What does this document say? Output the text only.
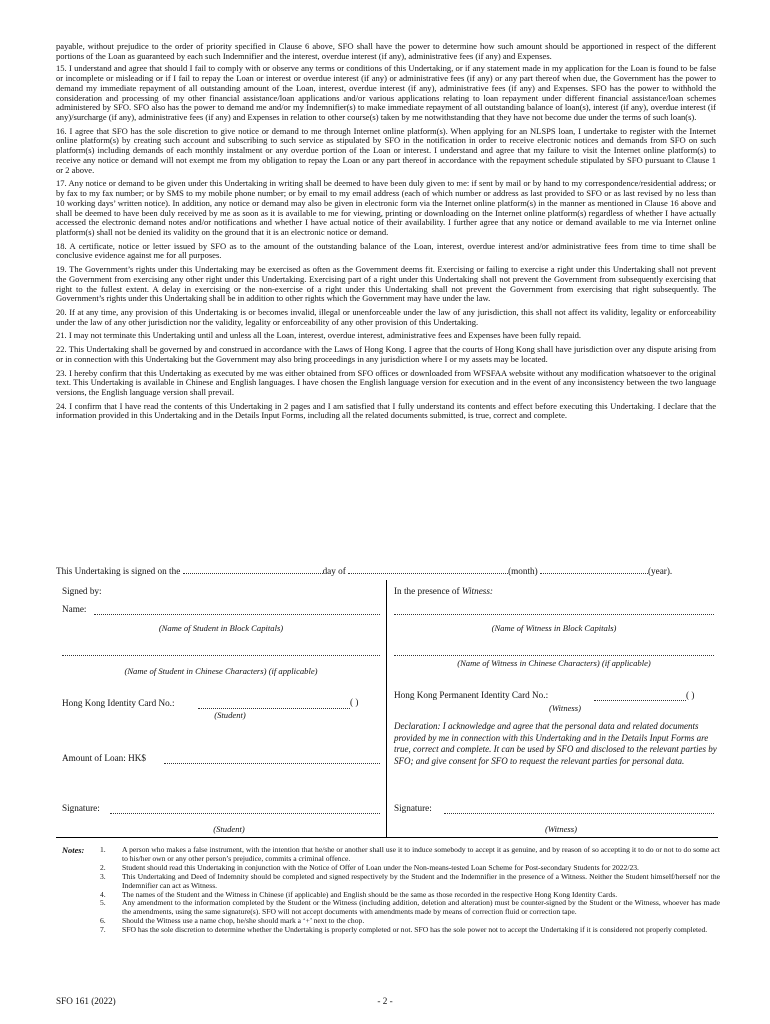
payable, without prejudice to the order of priority specified in Clause 6 above, SFO shall have the power to determine how such amount should be apportioned in respect of the different portions of the Loan as guaranteed by each such Indemnifier and the interest, overdue interest (if any), administrative fees (if any) and Expenses.

15. I understand and agree that should I fail to comply with or observe any terms or conditions of this Undertaking, or if any statement made in my application for the Loan is found to be false or incomplete or misleading or if I fail to repay the Loan or interest or overdue interest (if any) or administrative fees (if any) or any part thereof when due, the Government has the power to demand my immediate repayment of all outstanding amount of the Loan, interest, overdue interest (if any), administrative fees (if any) and Expenses. SFO has the power to withhold the consideration and processing of my other financial assistance/loan applications and/or various applications relating to loan repayment under different financial assistance/loan schemes administered by SFO. SFO also has the power to demand me and/or my Indemnifier(s) to make immediate repayment of all outstanding balance of loan(s), interest (if any), overdue interest (if any)/surcharge (if any), administrative fees (if any) and Expenses in relation to other course(s) taken by me notwithstanding that they have not become due under the terms of such loan(s).

16. I agree that SFO has the sole discretion to give notice or demand to me through Internet online platform(s). When applying for an NLSPS loan, I undertake to register with the Internet online platform(s) by creating such account and subscribing to such service as stipulated by SFO in the notification in order to receive electronic notices and demands from SFO on such platform(s) including demands of each monthly instalment or any overdue portion of the Loan or interest. I understand and agree that my failure to visit the Internet online platform(s) to receive any notice or demand will not exempt me from my obligation to repay the Loan or any part thereof in accordance with the repayment schedule stipulated by SFO pursuant to Clause 1 or 2 above.

17. Any notice or demand to be given under this Undertaking in writing shall be deemed to have been duly given to me: if sent by mail or by hand to my correspondence/residential address; or by fax to my fax number; or by SMS to my mobile phone number; or by email to my email address (each of which number or address as last provided to SFO or as last revised by no less than 10 working days’ written notice). In addition, any notice or demand may also be given in electronic form via the Internet online platform(s) in the manner as mentioned in Clause 16 above and shall be deemed to have been duly received by me as soon as it is available to me for viewing, printing or downloading on the Internet online platform(s) regardless of whether I have actually accessed the electronic demand notes and/or notifications and whether I have actual notice of their availability. I further agree that any notice or demand available to me via Internet online platform(s) shall not be denied its validity on the ground that it is an electronic notice or demand.

18. A certificate, notice or letter issued by SFO as to the amount of the outstanding balance of the Loan, interest, overdue interest and/or administrative fees from time to time shall be conclusive evidence against me for all purposes.

19. The Government’s rights under this Undertaking may be exercised as often as the Government deems fit. Exercising or failing to exercise a right under this Undertaking shall not prevent the Government from exercising any other right under this Undertaking. Exercising part of a right under this Undertaking shall not prevent the Government from subsequently exercising that right to the fullest extent. A delay in exercising or the non-exercise of a right under this Undertaking shall not prevent the Government from exercising that right subsequently. The Government’s rights under this Undertaking shall be in addition to other rights which the Government may have under the law.

20. If at any time, any provision of this Undertaking is or becomes invalid, illegal or unenforceable under the law of any jurisdiction, this shall not affect its validity, legality or enforceability under the law of any other jurisdiction nor the validity, legality or enforceability of any other provision of this Undertaking.

21. I may not terminate this Undertaking until and unless all the Loan, interest, overdue interest, administrative fees and Expenses have been fully repaid.

22. This Undertaking shall be governed by and construed in accordance with the Laws of Hong Kong. I agree that the courts of Hong Kong shall have jurisdiction over any dispute arising from or in connection with this Undertaking but the Government may also bring proceedings in any jurisdiction where I or my assets may be located.

23. I hereby confirm that this Undertaking as executed by me was either obtained from SFO offices or downloaded from WFSFAA website without any modification whatsoever to the original text. This Undertaking is available in Chinese and English languages. I have chosen the English language version for execution and in the event of any inconsistency between the two language versions, the English language version shall prevail.

24. I confirm that I have read the contents of this Undertaking in 2 pages and I am satisfied that I fully understand its contents and effect before executing this Undertaking. I declare that the information provided in this Undertaking and in the Details Input Forms, including all the related documents submitted, is true, correct and complete.

This Undertaking is signed on the	day of	(month)	(year).
Signed by:
Name:
(Name of Student in Block Capitals)
(Name of Student in Chinese Characters) (if applicable)
Hong Kong Identity Card No.:	( )
(Student)
Amount of Loan: HK$
Signature:
(Student)
In the presence of Witness:
(Name of Witness in Block Capitals)
(Name of Witness in Chinese Characters) (if applicable)
Hong Kong Permanent Identity Card No.:	( )
(Witness)
Declaration: I acknowledge and agree that the personal data and related documents provided by me in connection with this Undertaking and in the Details Input Forms are true, correct and complete. It can be used by SFO and disclosed to the relevant parties by SFO; and give consent for SFO to request the relevant parties for personal data.
Signature:
(Witness)
Notes: 1.	A person who makes a false instrument, with the intention that he/she or another shall use it to induce somebody to accept it as genuine, and by reason of so accepting it to do or not to do some act to his/her own or any other person’s prejudice, commits a criminal offence.
2.	Student should read this Undertaking in conjunction with the Notice of Offer of Loan under the Non-means-tested Loan Scheme for Post-secondary Students for 2022/23.
3.	This Undertaking and Deed of Indemnity should be completed and signed respectively by the Student and the Indemnifier in the presence of a Witness. Neither the Student himself/herself nor the Indemnifier can act as Witness.
4.	The names of the Student and the Witness in Chinese (if applicable) and English should be the same as those recorded in the respective Hong Kong Identity Cards.
5.	Any amendment to the information completed by the Student or the Witness (including addition, deletion and alteration) must be counter-signed by the Student or the Witness, whoever has made the amendments, using the same signature(s). SFO will not accept documents with amendments made by means of correction fluid or correction tape.
6.	Should the Witness use a name chop, he/she should mark a ‘+’ next to the chop.
7.	SFO has the sole discretion to determine whether the Undertaking is properly completed or not. SFO has the sole power not to accept the Undertaking if it is considered not properly completed.
- 2 -
SFO 161 (2022)
